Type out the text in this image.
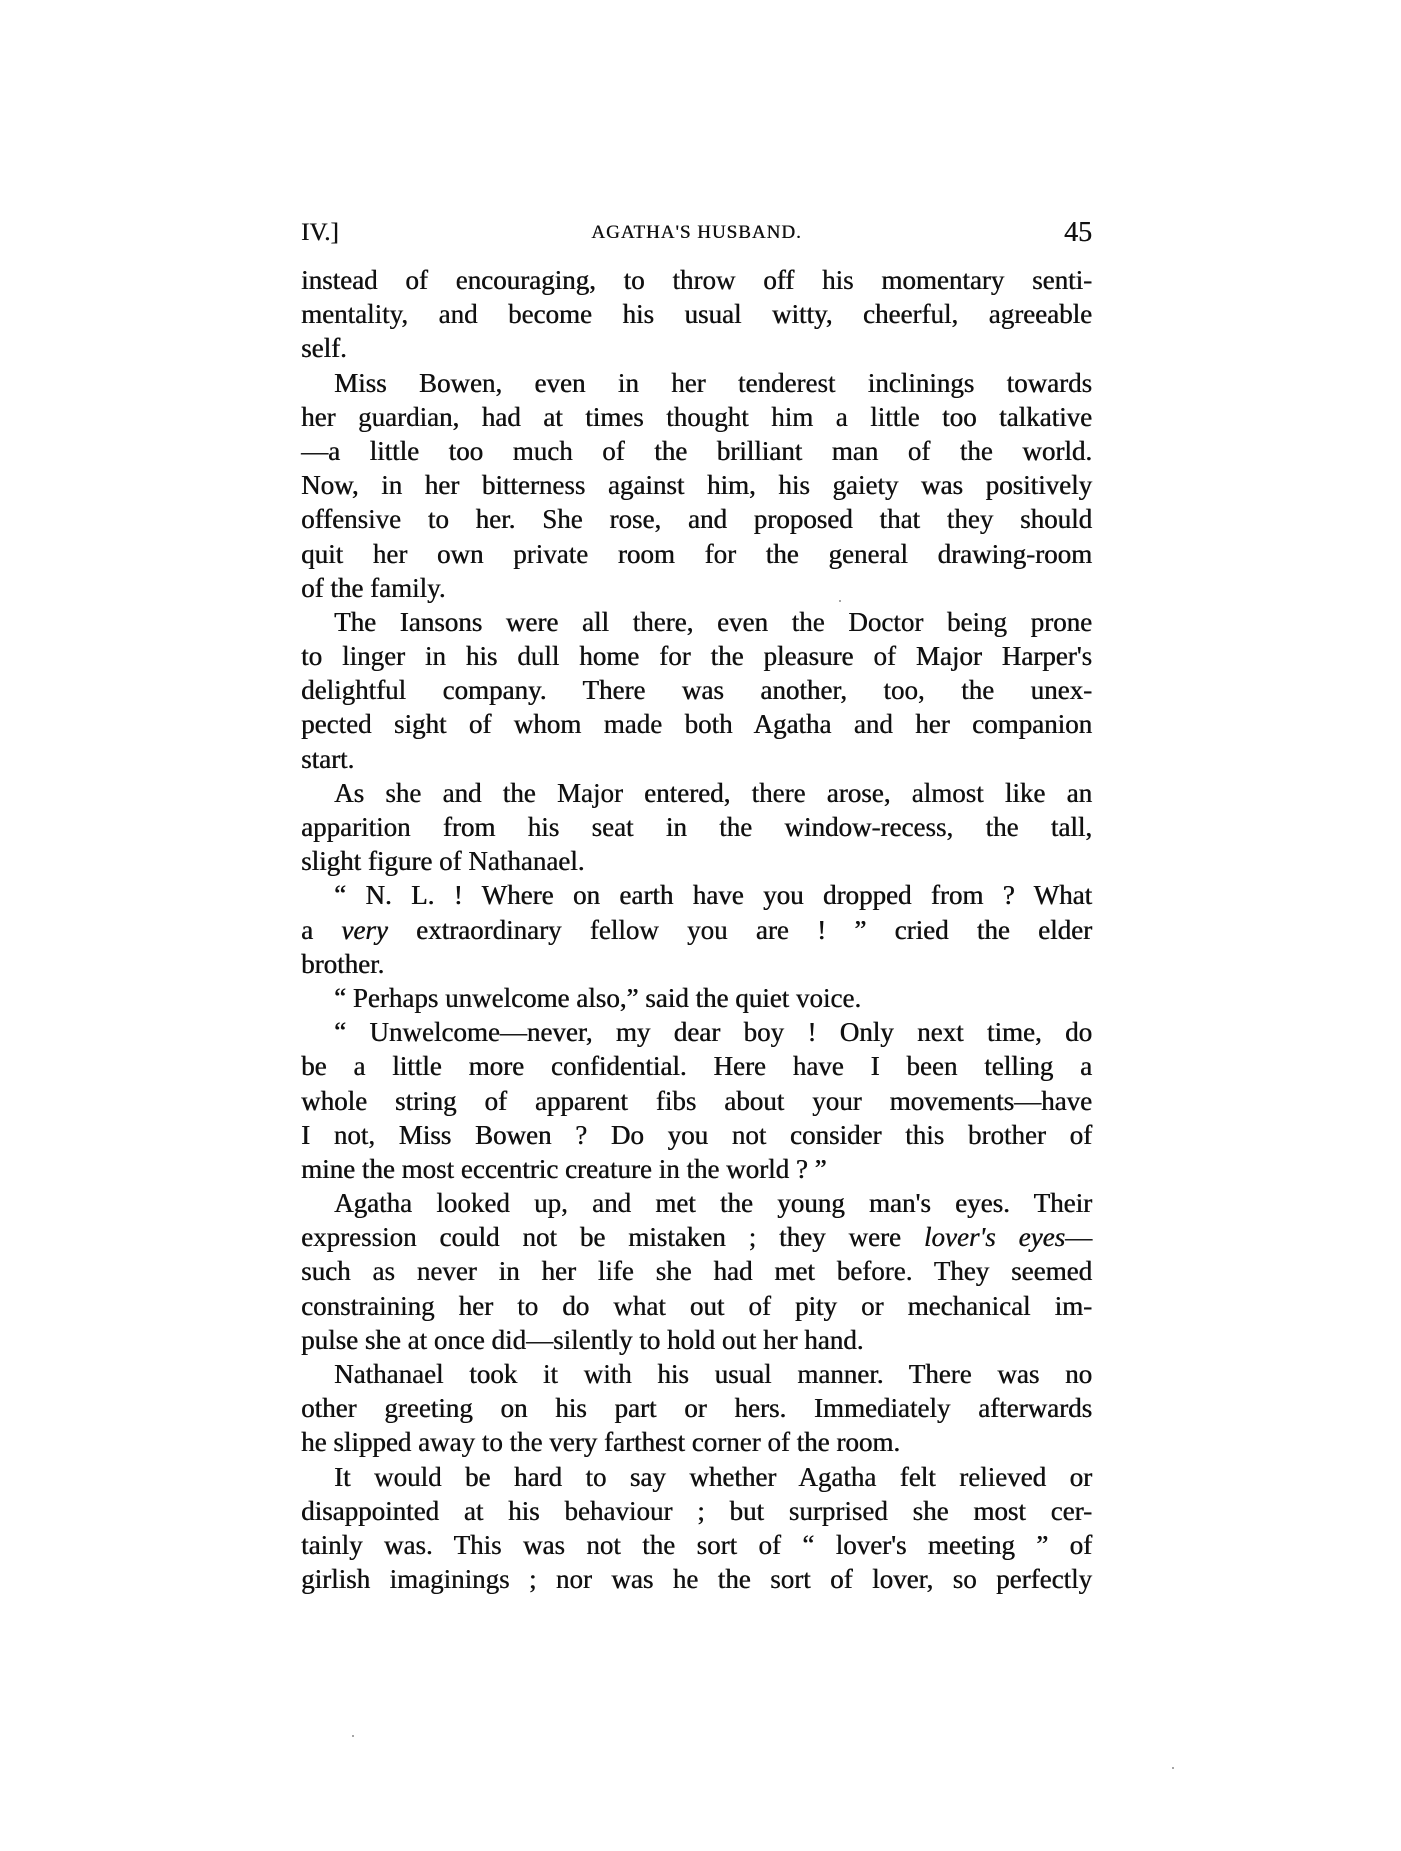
IV.]	AGATHA'S HUSBAND.	45
instead of encouraging, to throw off his momentary senti-
mentality, and become his usual witty, cheerful, agreeable
self.
Miss Bowen, even in her tenderest inclinings towards
her guardian, had at times thought him a little too talkative
—a little too much of the brilliant man of the world.
Now, in her bitterness against him, his gaiety was positively
offensive to her. She rose, and proposed that they should
quit her own private room for the general drawing-room
of the family.
The Iansons were all there, even the Doctor being prone
to linger in his dull home for the pleasure of Major Harper's
delightful company. There was another, too, the unex-
pected sight of whom made both Agatha and her companion
start.
As she and the Major entered, there arose, almost like an
apparition from his seat in the window-recess, the tall,
slight figure of Nathanael.
“ N. L. ! Where on earth have you dropped from ? What
a very extraordinary fellow you are ! ” cried the elder
brother.
“ Perhaps unwelcome also,” said the quiet voice.
“ Unwelcome—never, my dear boy ! Only next time, do
be a little more confidential. Here have I been telling a
whole string of apparent fibs about your movements—have
I not, Miss Bowen ? Do you not consider this brother of
mine the most eccentric creature in the world ? ”
Agatha looked up, and met the young man's eyes. Their
expression could not be mistaken ; they were lover's eyes—
such as never in her life she had met before. They seemed
constraining her to do what out of pity or mechanical im-
pulse she at once did—silently to hold out her hand.
Nathanael took it with his usual manner. There was no
other greeting on his part or hers. Immediately afterwards
he slipped away to the very farthest corner of the room.
It would be hard to say whether Agatha felt relieved or
disappointed at his behaviour ; but surprised she most cer-
tainly was. This was not the sort of “ lover's meeting ” of
girlish imaginings ; nor was he the sort of lover, so perfectly
